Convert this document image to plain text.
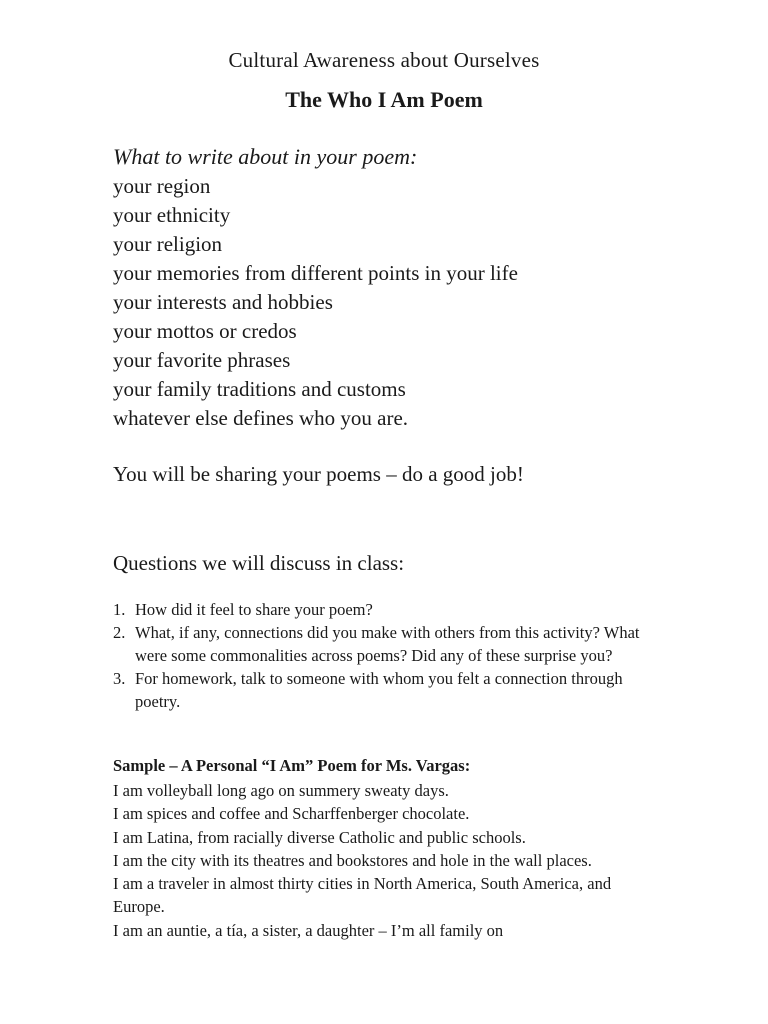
Cultural Awareness about Ourselves
The Who I Am Poem
What to write about in your poem:
your region
your ethnicity
your religion
your memories from different points in your life
your interests and hobbies
your mottos or credos
your favorite phrases
your family traditions and customs
whatever else defines who you are.
You will be sharing your poems – do a good job!
Questions we will discuss in class:
1. How did it feel to share your poem?
2. What, if any, connections did you make with others from this activity? What were some commonalities across poems? Did any of these surprise you?
3. For homework, talk to someone with whom you felt a connection through poetry.
Sample – A Personal “I Am” Poem for Ms. Vargas:
I am volleyball long ago on summery sweaty days.
I am spices and coffee and Scharffenberger chocolate.
I am Latina, from racially diverse Catholic and public schools.
I am the city with its theatres and bookstores and hole in the wall places.
I am a traveler in almost thirty cities in North America, South America, and Europe.
I am an auntie, a tía, a sister, a daughter – I’m all family on
